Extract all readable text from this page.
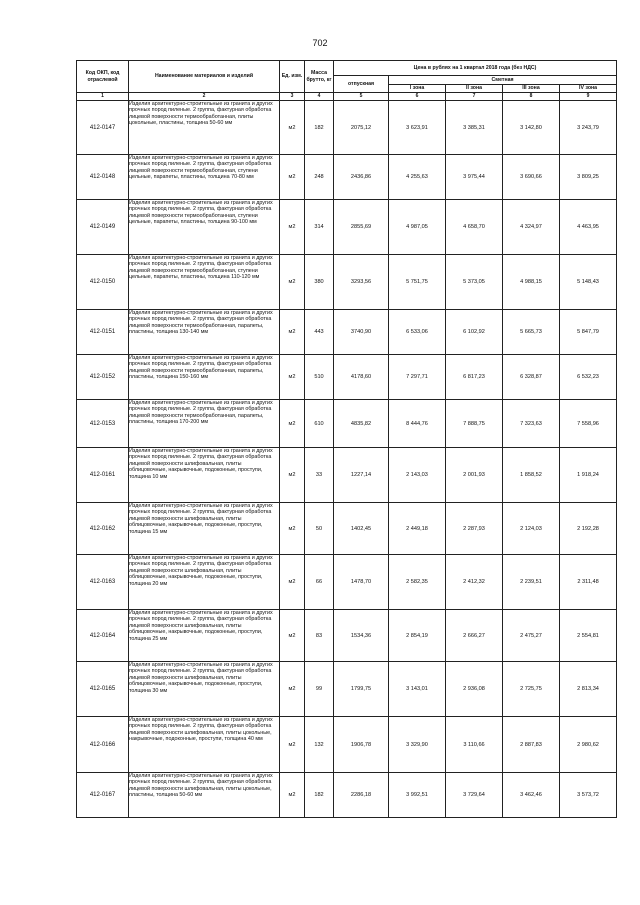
702
Код ОКП, код отраслевой	Наименование материалов и изделий	Ед. изм.	Масса брутто, кг	Цена в рублях на 1 квартал 2018 года (без НДС)				
				отпускная	Сметная			
					I зона	II зона	III зона	IV зона
1	2	3	4	5	6	7	8	9
412-0147	Изделия архитектурно-строительные из гранита и других прочных пород пиленые. 2 группа, фактурная обработка лицевой поверхности термообработанная, плиты цокольные, пластины, толщина 50-60 мм	м2	182	2075,12	3 623,91	3 385,31	3 142,80	3 243,79
412-0148	Изделия архитектурно-строительные из гранита и других прочных пород пиленые. 2 группа, фактурная обработка лицевой поверхности термообработанная, ступени цельные, парапеты, пластины, толщина 70-80 мм	м2	248	2436,86	4 255,63	3 975,44	3 690,66	3 809,25
412-0149	Изделия архитектурно-строительные из гранита и других прочных пород пиленые. 2 группа, фактурная обработка лицевой поверхности термообработанная, ступени цельные, парапеты, пластины, толщина 90-100 мм	м2	314	2855,69	4 987,05	4 658,70	4 324,97	4 463,95
412-0150	Изделия архитектурно-строительные из гранита и других прочных пород пиленые. 2 группа, фактурная обработка лицевой поверхности термообработанная, ступени цельные, парапеты, пластины, толщина 110-120 мм	м2	380	3293,56	5 751,75	5 373,05	4 988,15	5 148,43
412-0151	Изделия архитектурно-строительные из гранита и других прочных пород пиленые. 2 группа, фактурная обработка лицевой поверхности термообработанная, парапеты, пластины, толщина 130-140 мм	м2	443	3740,90	6 533,06	6 102,92	5 665,73	5 847,79
412-0152	Изделия архитектурно-строительные из гранита и других прочных пород пиленые. 2 группа, фактурная обработка лицевой поверхности термообработанная, парапеты, пластины, толщина 150-160 мм	м2	510	4178,60	7 297,71	6 817,23	6 328,87	6 532,23
412-0153	Изделия архитектурно-строительные из гранита и других прочных пород пиленые. 2 группа, фактурная обработка лицевой поверхности термообработанная, парапеты, пластины, толщина 170-200 мм	м2	610	4835,82	8 444,76	7 888,75	7 323,63	7 558,96
412-0161	Изделия архитектурно-строительные из гранита и других прочных пород пиленые. 2 группа, фактурная обработка лицевой поверхности шлифовальная, плиты облицовочные, накрывочные, подоконные, проступи, толщина 10 мм	м2	33	1227,14	2 143,03	2 001,93	1 858,52	1 918,24
412-0162	Изделия архитектурно-строительные из гранита и других прочных пород пиленые. 2 группа, фактурная обработка лицевой поверхности шлифовальная, плиты облицовочные, накрывочные, подоконные, проступи, толщина 15 мм	м2	50	1402,45	2 449,18	2 287,93	2 124,03	2 192,28
412-0163	Изделия архитектурно-строительные из гранита и других прочных пород пиленые. 2 группа, фактурная обработка лицевой поверхности шлифовальная, плиты облицовочные, накрывочные, подоконные, проступи, толщина 20 мм	м2	66	1478,70	2 582,35	2 412,32	2 239,51	2 311,48
412-0164	Изделия архитектурно-строительные из гранита и других прочных пород пиленые. 2 группа, фактурная обработка лицевой поверхности шлифовальная, плиты облицовочные, накрывочные, подоконные, проступи, толщина 25 мм	м2	83	1534,36	2 854,19	2 666,27	2 475,27	2 554,81
412-0165	Изделия архитектурно-строительные из гранита и других прочных пород пиленые. 2 группа, фактурная обработка лицевой поверхности шлифовальная, плиты облицовочные, накрывочные, подоконные, проступи, толщина 30 мм	м2	99	1799,75	3 143,01	2 936,08	2 725,75	2 813,34
412-0166	Изделия архитектурно-строительные из гранита и других прочных пород пиленые. 2 группа, фактурная обработка лицевой поверхности шлифовальная, плиты цокольные, накрывочные, подоконные, проступи, толщина 40 мм	м2	132	1906,78	3 329,90	3 110,66	2 887,83	2 980,62
412-0167	Изделия архитектурно-строительные из гранита и других прочных пород пиленые. 2 группа, фактурная обработка лицевой поверхности шлифовальная, плиты цокольные, пластины, толщина 50-60 мм	м2	182	2286,18	3 992,51	3 729,64	3 462,46	3 573,72
